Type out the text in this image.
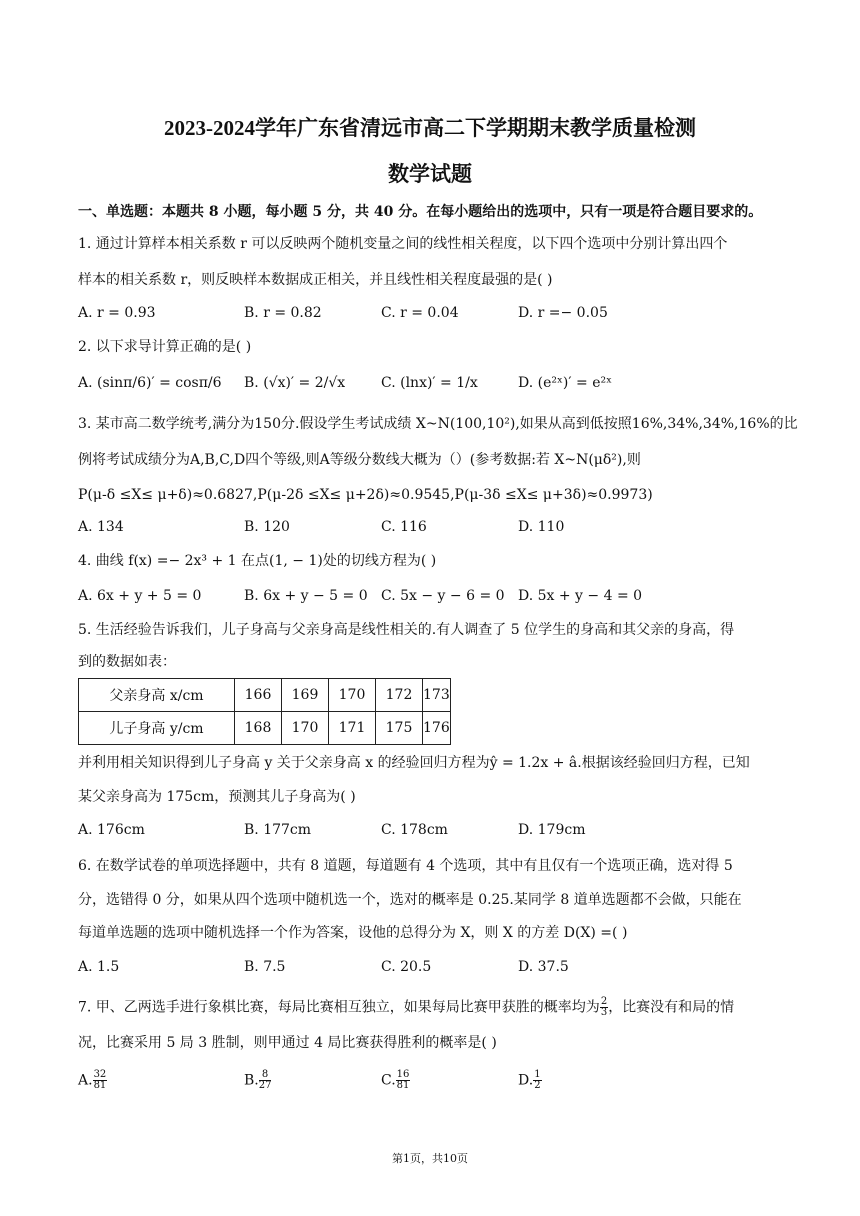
2023-2024学年广东省清远市高二下学期期末教学质量检测
数学试题
一、单选题：本题共 8 小题，每小题 5 分，共 40 分。在每小题给出的选项中，只有一项是符合题目要求的。
1. 通过计算样本相关系数 r 可以反映两个随机变量之间的线性相关程度，以下四个选项中分别计算出四个
样本的相关系数 r，则反映样本数据成正相关，并且线性相关程度最强的是( )
A. r = 0.93	B. r = 0.82	C. r = 0.04	D. r =− 0.05
2. 以下求导计算正确的是( )
A. (sinπ/6)′ = cosπ/6 B. (√x)′ = 2/√x	C. (lnx)′ = 1/x	D. (e²ˣ)′ = e²ˣ
3. 某市高二数学统考,满分为150分.假设学生考试成绩 X~N(100,10²),如果从高到低按照16%,34%,34%,16%的比
例将考试成绩分为A,B,C,D四个等级,则A等级分数线大概为（）(参考数据:若 X~N(μδ²),则
P(μ-δ ≤X≤ μ+δ)≈0.6827,P(μ-2δ ≤X≤ μ+2δ)≈0.9545,P(μ-3δ ≤X≤ μ+3δ)≈0.9973)
A. 134	B. 120	C. 116	D. 110
4. 曲线 f(x) =− 2x³ + 1 在点(1, − 1)处的切线方程为( )
A. 6x + y + 5 = 0	B. 6x + y − 5 = 0 C. 5x − y − 6 = 0 D. 5x + y − 4 = 0
5. 生活经验告诉我们，儿子身高与父亲身高是线性相关的.有人调查了 5 位学生的身高和其父亲的身高，得
到的数据如表：
父亲身高 x/cm	166	169	170	172	173
儿子身高 y/cm	168	170	171	175	176
并利用相关知识得到儿子身高 y 关于父亲身高 x 的经验回归方程为ŷ = 1.2x + â.根据该经验回归方程，已知
某父亲身高为 175cm，预测其儿子身高为( )
A. 176cm	B. 177cm	C. 178cm	D. 179cm
6. 在数学试卷的单项选择题中，共有 8 道题，每道题有 4 个选项，其中有且仅有一个选项正确，选对得 5
分，选错得 0 分，如果从四个选项中随机选一个，选对的概率是 0.25.某同学 8 道单选题都不会做，只能在
每道单选题的选项中随机选择一个作为答案，设他的总得分为 X，则 X 的方差 D(X) =( )
A. 1.5	B. 7.5	C. 20.5	D. 37.5
7. 甲、乙两选手进行象棋比赛，每局比赛相互独立，如果每局比赛甲获胜的概率均为 $\frac{2}{3}$ ，比赛没有和局的情
况，比赛采用 5 局 3 胜制，则甲通过 4 局比赛获得胜利的概率是( )
A. $\frac{32}{81}$	B. $\frac{8}{27}$	C. $\frac{16}{81}$	D. $\frac{1}{2}$
第1页，共10页
